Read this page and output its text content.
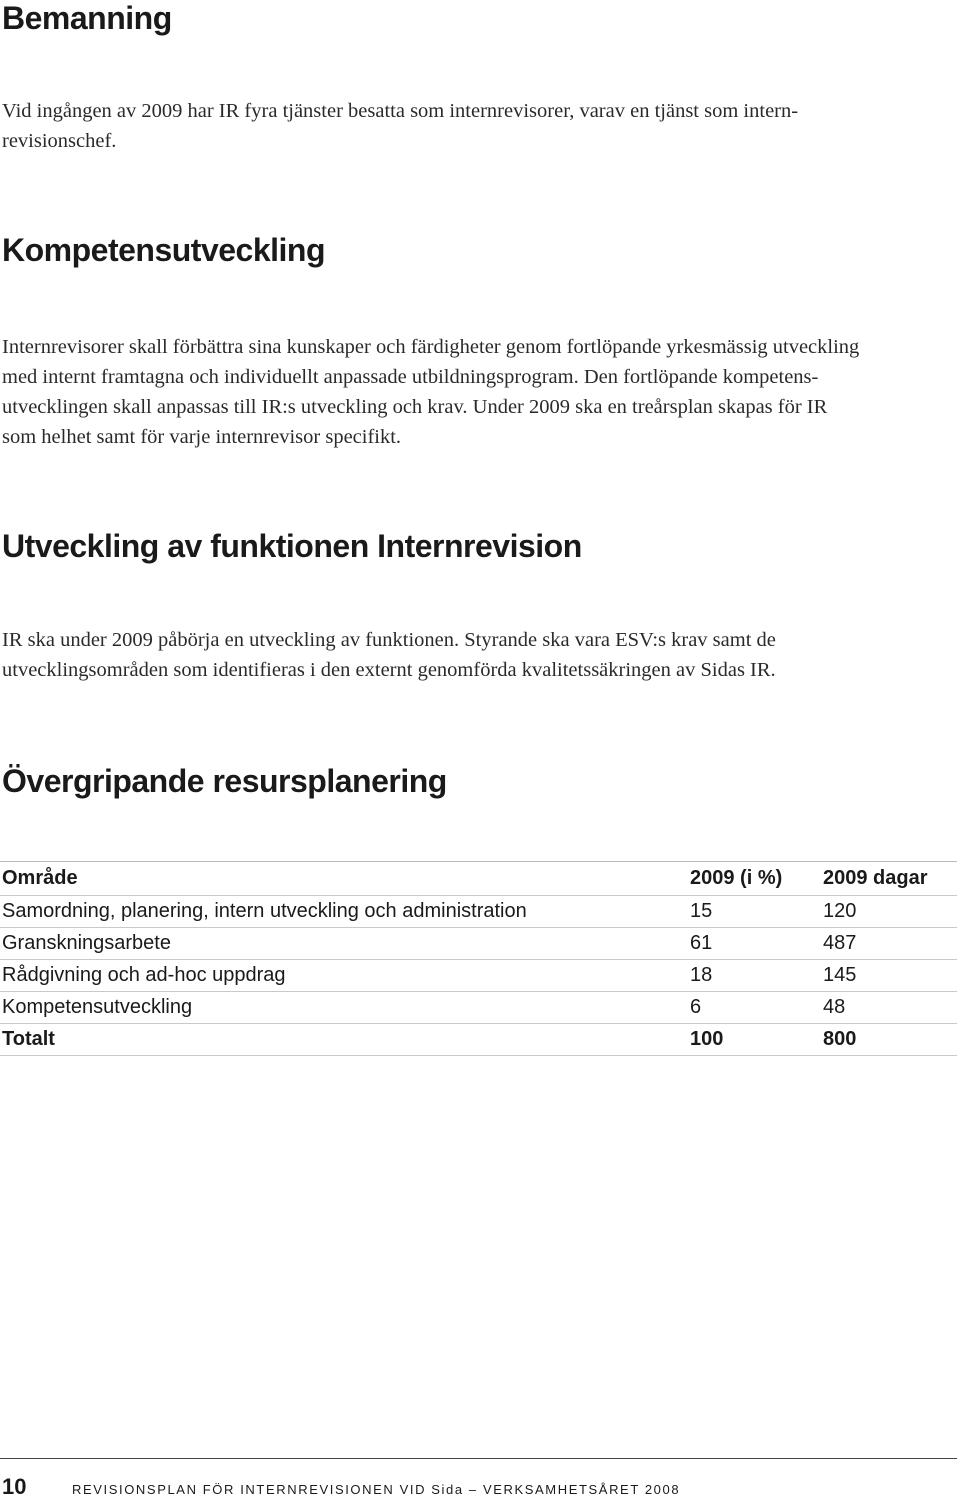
Bemanning
Vid ingången av 2009 har IR fyra tjänster besatta som internrevisorer, varav en tjänst som intern-
revisionschef.
Kompetensutveckling
Internrevisorer skall förbättra sina kunskaper och färdigheter genom fortlöpande yrkesmässig utveckling
med internt framtagna och individuellt anpassade utbildningsprogram. Den fortlöpande kompetens-
utvecklingen skall anpassas till IR:s utveckling och krav. Under 2009 ska en treårsplan skapas för IR
som helhet samt för varje internrevisor specifikt.
Utveckling av funktionen Internrevision
IR ska under 2009 påbörja en utveckling av funktionen. Styrande ska vara ESV:s krav samt de
utvecklingsområden som identifieras i den externt genomförda kvalitetssäkringen av Sidas IR.
Övergripande resursplanering
Område	2009 (i %)	2009 dagar
Samordning, planering, intern utveckling och administration	15	120
Granskningsarbete	61	487
Rådgivning och ad-hoc uppdrag	18	145
Kompetensutveckling	6	48
Totalt	100	800
10	REVISIONSPLAN FÖR INTERNREVISIONEN VID Sida – VERKSAMHETSÅRET 2008
